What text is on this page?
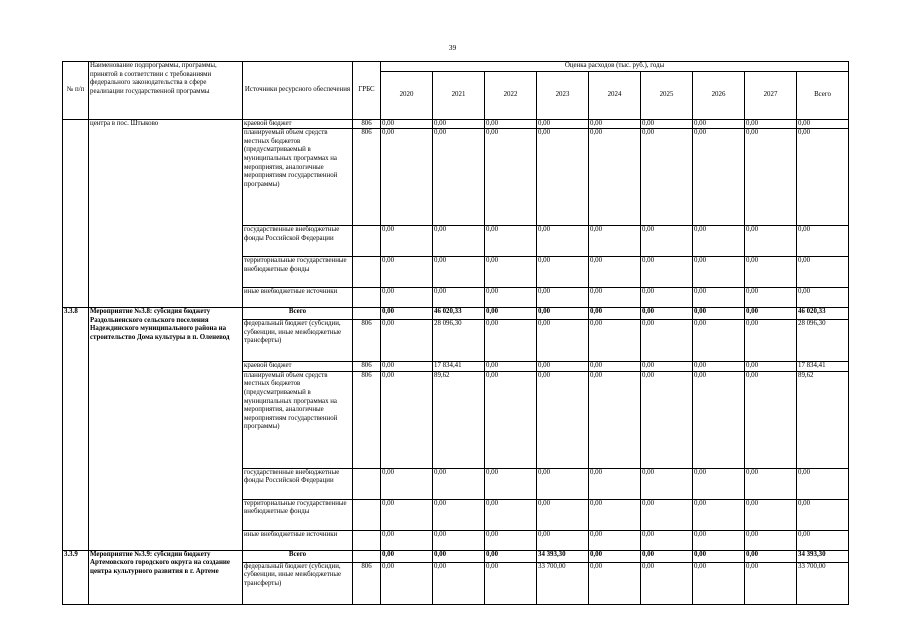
39
№ п/п	Наименование подпрограммы, программы, принятой в соответствии с требованиями федерального законодательства в сфере реализации государственной программы	Источники ресурсного обеспечения	ГРБС	Оценка расходов (тыс. руб.), годы								
				2020	2021	2022	2023	2024	2025	2026	2027	Всего
	центра в пос. Штыково	краевой бюджет	806	0,00	0,00	0,00	0,00	0,00	0,00	0,00	0,00	0,00
		планируемый объем средств местных бюджетов (предусматриваемый в муниципальных программах на мероприятия, аналогичные мероприятиям государственной программы)	806	0,00	0,00	0,00	0,00	0,00	0,00	0,00	0,00	0,00
		государственные внебюджетные фонды Российской Федерации		0,00	0,00	0,00	0,00	0,00	0,00	0,00	0,00	0,00
		территориальные государственные внебюджетные фонды		0,00	0,00	0,00	0,00	0,00	0,00	0,00	0,00	0,00
		иные внебюджетные источники		0,00	0,00	0,00	0,00	0,00	0,00	0,00	0,00	0,00
3.3.8	Мероприятие №3.8: субсидия бюджету Раздольненского сельского поселения Надеждинского муниципального района на строительство Дома культуры в п. Оленевод	Всего		0,00	46 020,33	0,00	0,00	0,00	0,00	0,00	0,00	46 020,33
		федеральный бюджет (субсидии, субвенции, иные межбюджетные трансферты)	806	0,00	28 096,30	0,00	0,00	0,00	0,00	0,00	0,00	28 096,30
		краевой бюджет	806	0,00	17 834,41	0,00	0,00	0,00	0,00	0,00	0,00	17 834,41
		планируемый объем средств местных бюджетов (предусматриваемый в муниципальных программах на мероприятия, аналогичные мероприятиям государственной программы)	806	0,00	89,62	0,00	0,00	0,00	0,00	0,00	0,00	89,62
		государственные внебюджетные фонды Российской Федерации		0,00	0,00	0,00	0,00	0,00	0,00	0,00	0,00	0,00
		территориальные государственные внебюджетные фонды		0,00	0,00	0,00	0,00	0,00	0,00	0,00	0,00	0,00
		иные внебюджетные источники		0,00	0,00	0,00	0,00	0,00	0,00	0,00	0,00	0,00
3.3.9	Мероприятие №3.9: субсидии бюджету Артемовского городского округа на создание центра культурного развития в г. Артеме	Всего		0,00	0,00	0,00	34 393,30	0,00	0,00	0,00	0,00	34 393,30
		федеральный бюджет (субсидии, субвенции, иные межбюджетные трансферты)	806	0,00	0,00	0,00	33 700,00	0,00	0,00	0,00	0,00	33 700,00
